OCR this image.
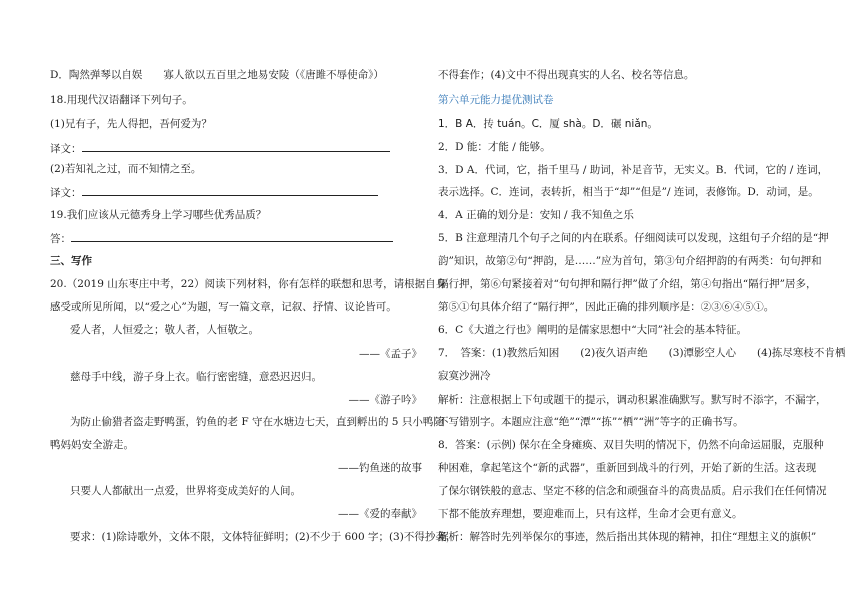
D．陶然弹琴以自娱　　寡人欲以五百里之地易安陵（《唐雎不辱使命》）
18.用现代汉语翻译下列句子。
(1)兄有子，先人得把，吾何爱为？
译文：
(2)若知礼之过，而不知情之至。
译文：
19.我们应该从元德秀身上学习哪些优秀品质？
答：
三、写作
20.（2019 山东枣庄中考，22）阅读下列材料，你有怎样的联想和思考，请根据自身
感受或所见所闻，以“爱之心”为题，写一篇文章，记叙、抒情、议论皆可。
爱人者，人恒爱之；敬人者，人恒敬之。
——《孟子》
慈母手中线，游子身上衣。临行密密缝，意恐迟迟归。
——《游子吟》
为防止偷猎者盗走野鸭蛋，钓鱼的老 F 守在水塘边七天，直到孵出的 5 只小鸭随
鸭妈妈安全游走。
——钓鱼迷的故事
只要人人都献出一点爱，世界将变成美好的人间。
——《爱的奉献》
要求：(1)除诗歌外，文体不限，文体特征鲜明；(2)不少于 600 字；(3)不得抄袭，
不得套作；(4)文中不得出现真实的人名、校名等信息。
第六单元能力提优测试卷
1．B A．抟 tuán。C．厦 shà。D．碾 niǎn。
2．D 能：才能 / 能够。
3．D A．代词，它，指千里马 / 助词，补足音节，无实义。B．代词，它的 / 连词，
表示选择。C．连词，表转折，相当于“却”“但是”/ 连词，表修饰。D．动词，是。
4．A 正确的划分是：安知 / 我不知鱼之乐
5．B 注意理清几个句子之间的内在联系。仔细阅读可以发现，这组句子介绍的是“押
韵”知识，故第②句“押韵，是……”应为首句，第③句介绍押韵的有两类：句句押和
隔行押，第⑥句紧接着对“句句押和隔行押”做了介绍，第④句指出“隔行押”居多，
第⑤①句具体介绍了“隔行押”，因此正确的排列顺序是：②③⑥④⑤①。
6．C《大道之行也》阐明的是儒家思想中“大同”社会的基本特征。
7．　答案：(1)教然后知困　　(2)夜久语声绝　　(3)潭影空人心　　(4)拣尽寒枝不肯栖
寂寞沙洲冷
解析：注意根据上下句或题干的提示，调动积累准确默写。默写时不添字，不漏字，
不写错别字。本题应注意“绝”“潭”“拣”“栖”“洲”等字的正确书写。
8．答案：(示例) 保尔在全身瘫痪、双目失明的情况下，仍然不向命运屈服，克服种
种困难，拿起笔这个“新的武器”，重新回到战斗的行列，开始了新的生活。这表现
了保尔钢铁般的意志、坚定不移的信念和顽强奋斗的高贵品质。启示我们在任何情况
下都不能放弃理想，要迎难而上，只有这样，生命才会更有意义。
解析：解答时先列举保尔的事迹，然后指出其体现的精神，扣住“理想主义的旗帜”
